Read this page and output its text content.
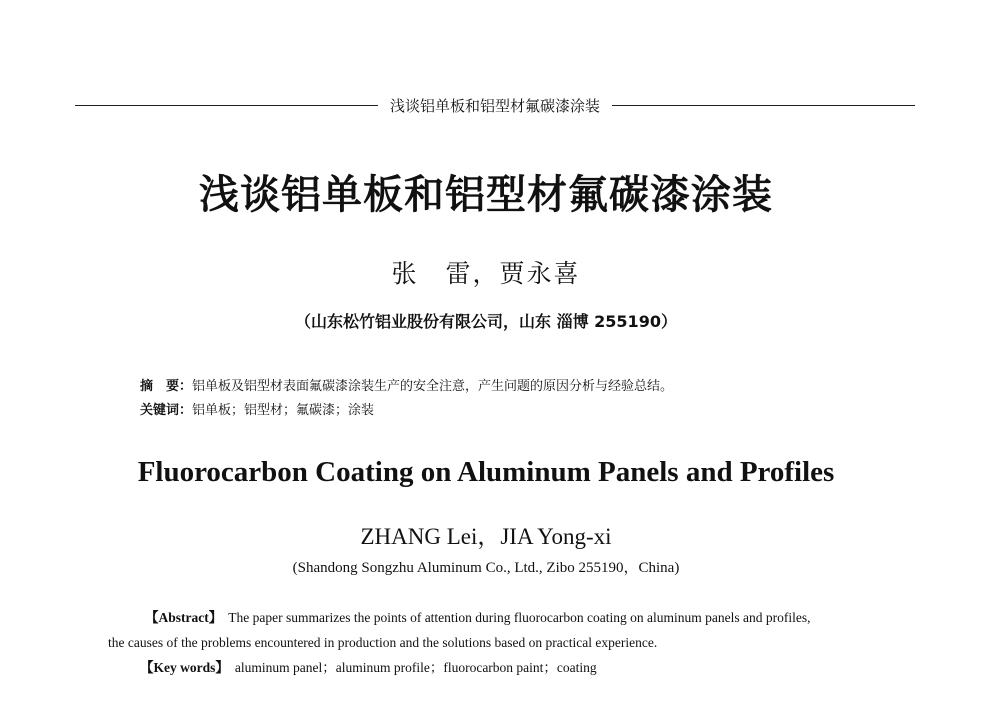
浅谈铝单板和铝型材氟碳漆涂装
浅谈铝单板和铝型材氟碳漆涂装
张　雷，贾永喜
（山东松竹铝业股份有限公司，山东 淄博 255190）
摘　要：铝单板及铝型材表面氟碳漆涂装生产的安全注意，产生问题的原因分析与经验总结。
关键词：铝单板；铝型材；氟碳漆；涂装
Fluorocarbon Coating on Aluminum Panels and Profiles
ZHANG Lei，JIA Yong-xi
(Shandong Songzhu Aluminum Co., Ltd., Zibo 255190，China)
【Abstract】 The paper summarizes the points of attention during fluorocarbon coating on aluminum panels and profiles,
the causes of the problems encountered in production and the solutions based on practical experience.
【Key words】 aluminum panel；aluminum profile；fluorocarbon paint；coating
